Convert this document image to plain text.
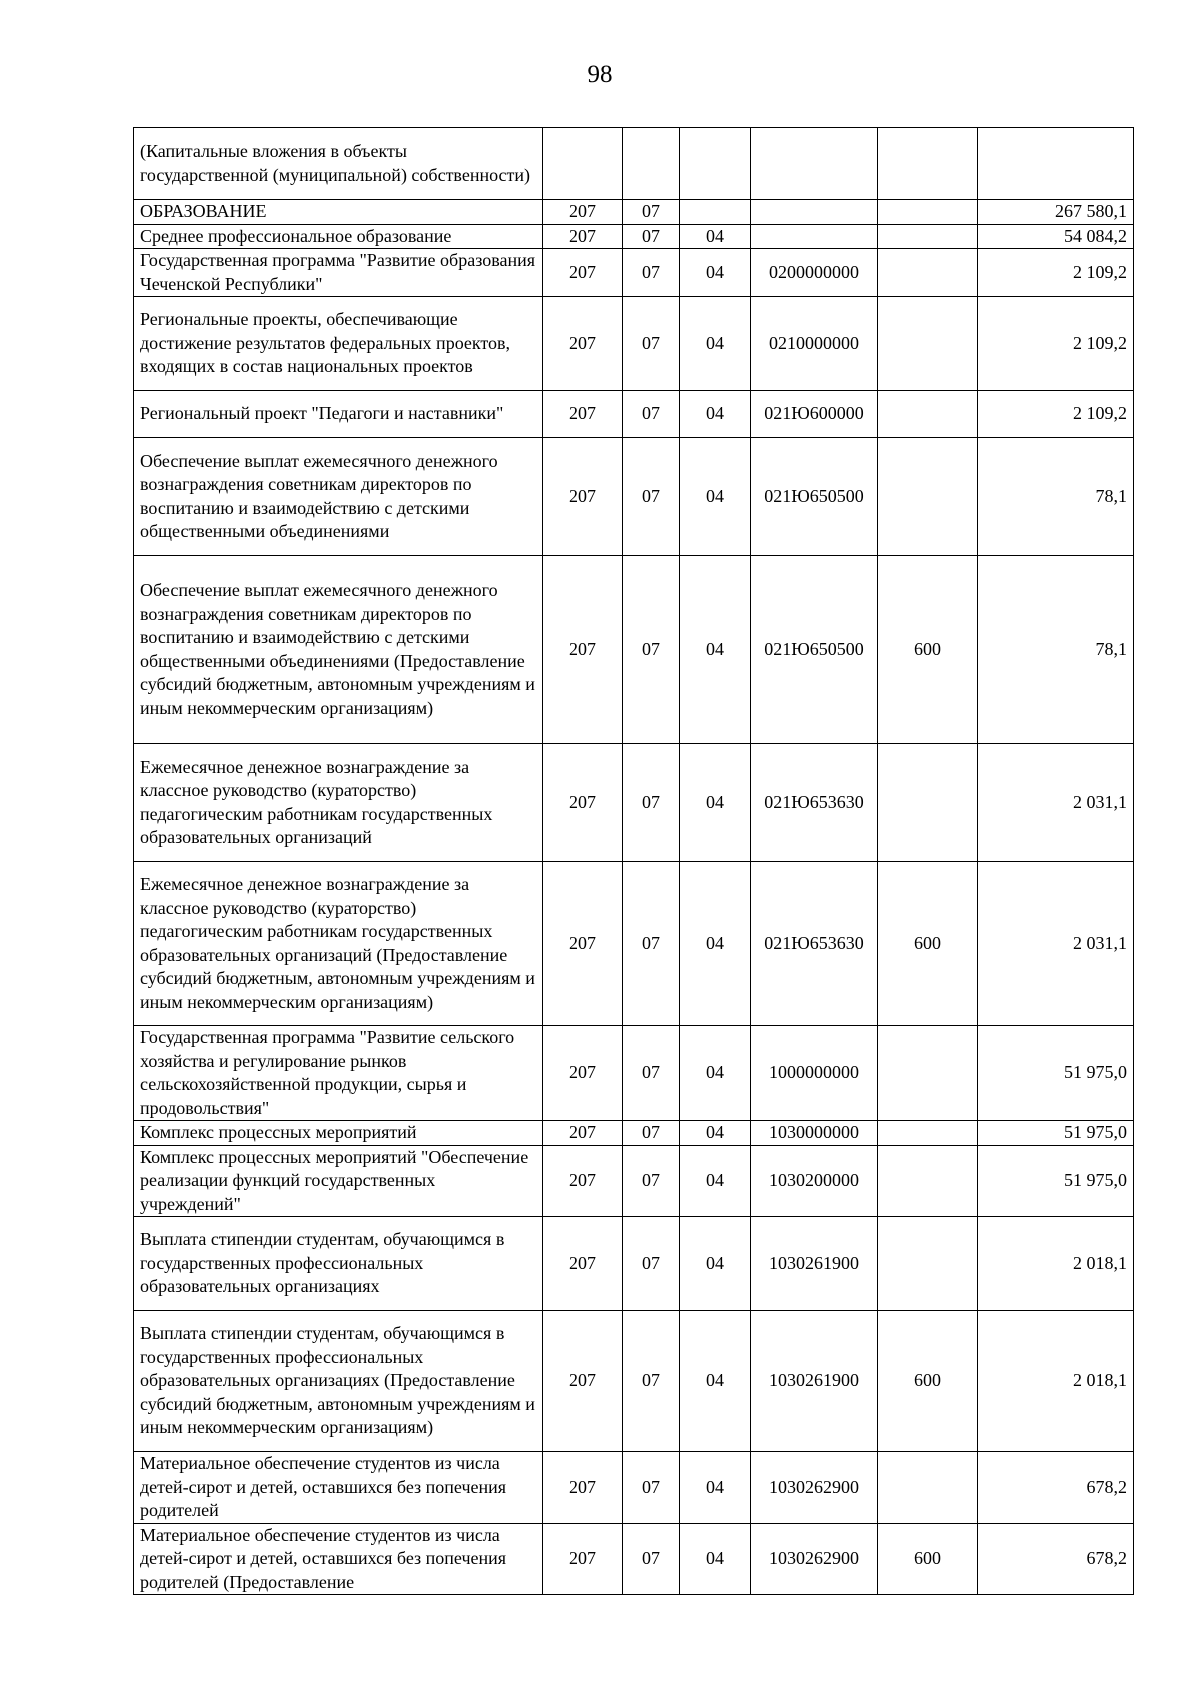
98
(Капитальные вложения в объекты государственной (муниципальной) собственности)						
ОБРАЗОВАНИЕ	207	07				267 580,1
Среднее профессиональное образование	207	07	04			54 084,2
Государственная программа "Развитие образования Чеченской Республики"	207	07	04	0200000000		2 109,2
Региональные проекты, обеспечивающие достижение результатов федеральных проектов, входящих в состав национальных проектов	207	07	04	0210000000		2 109,2
Региональный проект "Педагоги и наставники"	207	07	04	021Ю600000		2 109,2
Обеспечение выплат ежемесячного денежного вознаграждения советникам директоров по воспитанию и взаимодействию с детскими общественными объединениями	207	07	04	021Ю650500		78,1
Обеспечение выплат ежемесячного денежного вознаграждения советникам директоров по воспитанию и взаимодействию с детскими общественными объединениями (Предоставление субсидий бюджетным, автономным учреждениям и иным некоммерческим организациям)	207	07	04	021Ю650500	600	78,1
Ежемесячное денежное вознаграждение за классное руководство (кураторство) педагогическим работникам государственных образовательных организаций	207	07	04	021Ю653630		2 031,1
Ежемесячное денежное вознаграждение за классное руководство (кураторство) педагогическим работникам государственных образовательных организаций (Предоставление субсидий бюджетным, автономным учреждениям и иным некоммерческим организациям)	207	07	04	021Ю653630	600	2 031,1
Государственная программа "Развитие сельского хозяйства и регулирование рынков сельскохозяйственной продукции, сырья и продовольствия"	207	07	04	1000000000		51 975,0
Комплекс процессных мероприятий	207	07	04	1030000000		51 975,0
Комплекс процессных мероприятий "Обеспечение реализации функций государственных учреждений"	207	07	04	1030200000		51 975,0
Выплата стипендии студентам, обучающимся в государственных профессиональных образовательных организациях	207	07	04	1030261900		2 018,1
Выплата стипендии студентам, обучающимся в государственных профессиональных образовательных организациях (Предоставление субсидий бюджетным, автономным учреждениям и иным некоммерческим организациям)	207	07	04	1030261900	600	2 018,1
Материальное обеспечение студентов из числа детей-сирот и детей, оставшихся без попечения родителей	207	07	04	1030262900		678,2
Материальное обеспечение студентов из числа детей-сирот и детей, оставшихся без попечения родителей (Предоставление	207	07	04	1030262900	600	678,2
